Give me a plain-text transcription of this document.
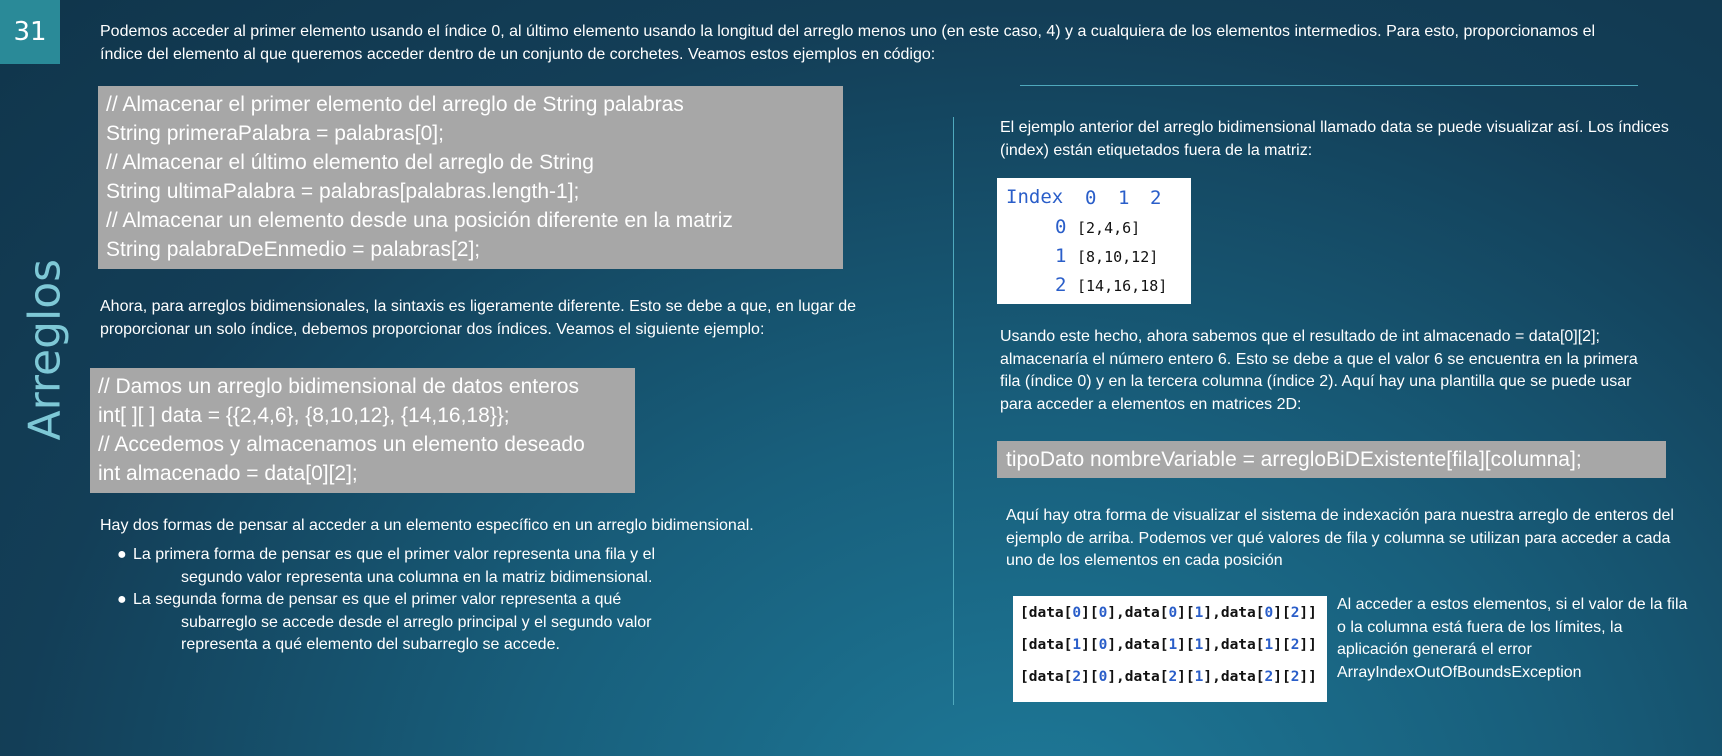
31
Arreglos
Podemos acceder al primer elemento usando el índice 0, al último elemento usando la longitud del arreglo menos uno (en este caso, 4) y a cualquiera de los elementos intermedios. Para esto, proporcionamos el índice del elemento al que queremos acceder dentro de un conjunto de corchetes. Veamos estos ejemplos en código:
// Almacenar el primer elemento del arreglo de String palabras
String primeraPalabra = palabras[0];
// Almacenar el último elemento del arreglo de String
String ultimaPalabra = palabras[palabras.length-1];
// Almacenar un elemento desde una posición diferente en la matriz
String palabraDeEnmedio = palabras[2];
Ahora, para arreglos bidimensionales, la sintaxis es ligeramente diferente. Esto se debe a que, en lugar de proporcionar un solo índice, debemos proporcionar dos índices. Veamos el siguiente ejemplo:
// Damos un arreglo bidimensional de datos enteros
int[ ][ ] data = {{2,4,6}, {8,10,12}, {14,16,18}};
// Accedemos y almacenamos un elemento deseado
int almacenado = data[0][2];
Hay dos formas de pensar al acceder a un elemento específico en un arreglo bidimensional.
● La primera forma de pensar es que el primer valor representa una fila y el
segundo valor representa una columna en la matriz bidimensional.
● La segunda forma de pensar es que el primer valor representa a qué
subarreglo se accede desde el arreglo principal y el segundo valor
representa a qué elemento del subarreglo se accede.
El ejemplo anterior del arreglo bidimensional llamado data se puede visualizar así. Los índices (index) están etiquetados fuera de la matriz:
Index 0 1 2
0 [2,4,6]
1 [8,10,12]
2 [14,16,18]
Usando este hecho, ahora sabemos que el resultado de int almacenado = data[0][2]; almacenaría el número entero 6. Esto se debe a que el valor 6 se encuentra en la primera fila (índice 0) y en la tercera columna (índice 2). Aquí hay una plantilla que se puede usar para acceder a elementos en matrices 2D:
tipoDato nombreVariable = arregloBiDExistente[fila][columna];
Aquí hay otra forma de visualizar el sistema de indexación para nuestra arreglo de enteros del ejemplo de arriba. Podemos ver qué valores de fila y columna se utilizan para acceder a cada uno de los elementos en cada posición
[data[0][0],data[0][1],data[0][2]]
[data[1][0],data[1][1],data[1][2]]
[data[2][0],data[2][1],data[2][2]]
Al acceder a estos elementos, si el valor de la fila o la columna está fuera de los límites, la aplicación generará el error ArrayIndexOutOfBoundsException
